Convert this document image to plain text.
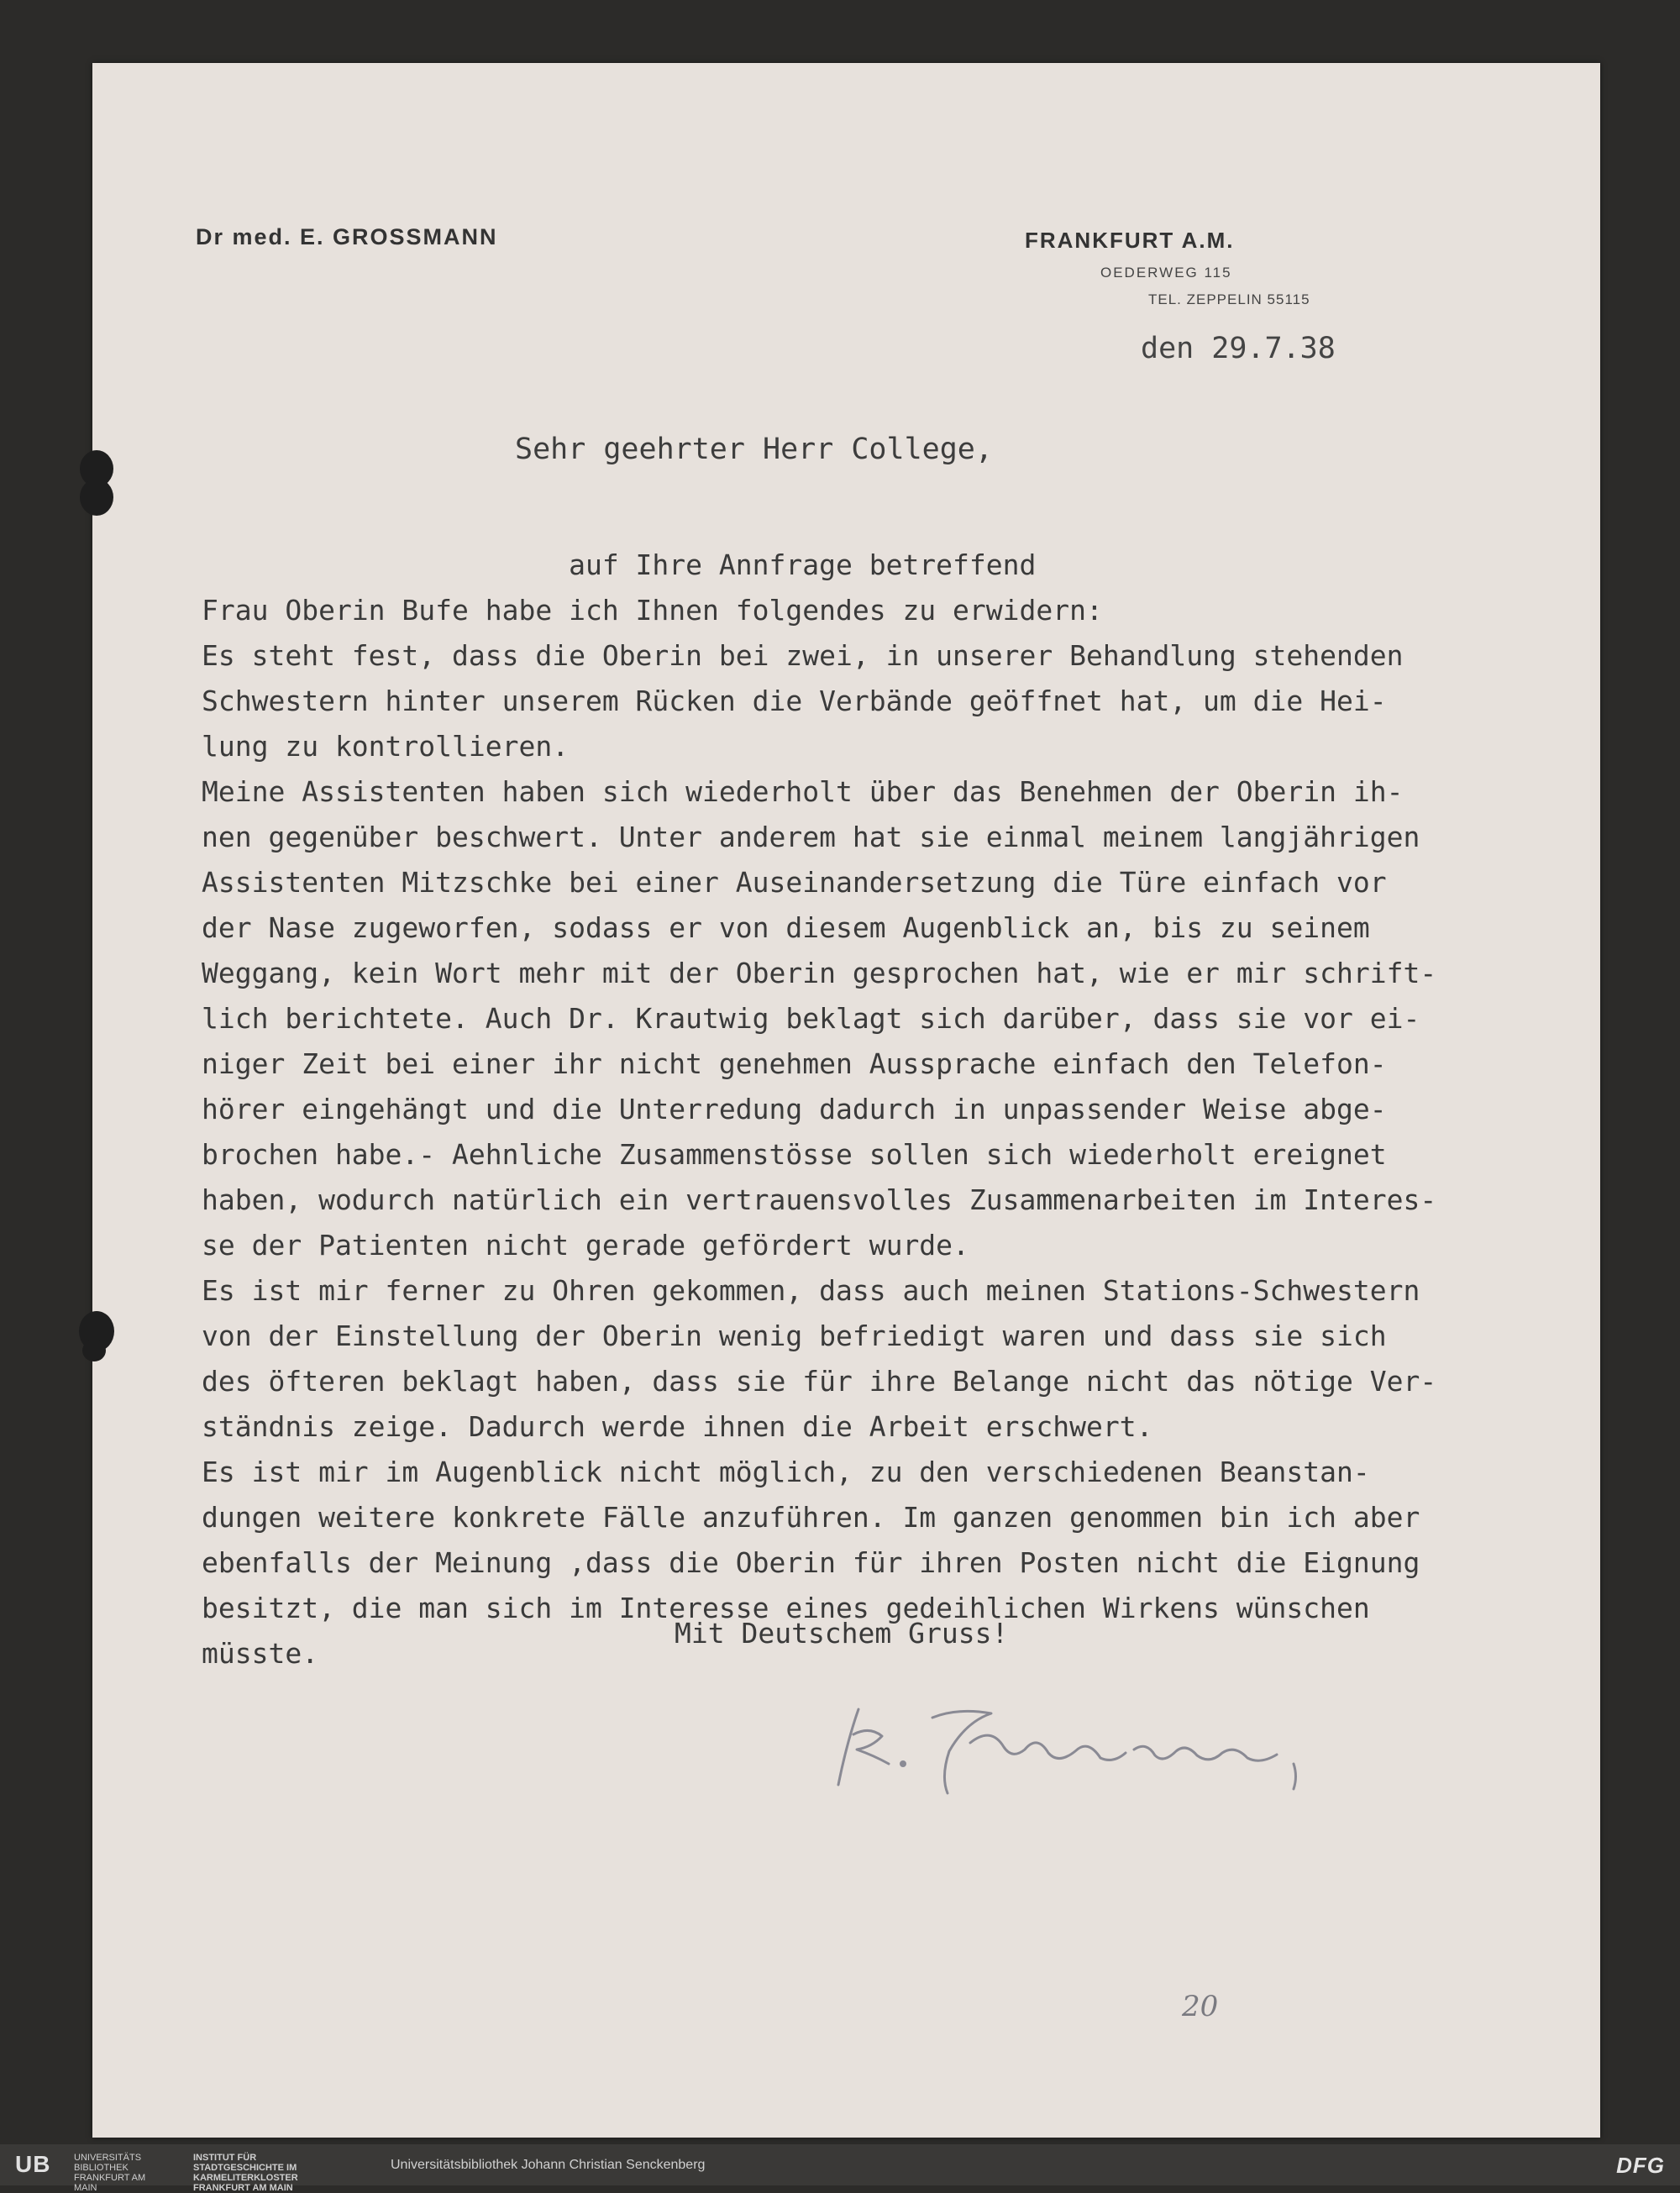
Dr med. E. GROSSMANN	FRANKFURT A.M.
OEDERWEG 115
TEL. ZEPPELIN 55115
den 29.7.38
Sehr geehrter Herr College,
auf Ihre Annfrage betreffend
Frau Oberin Bufe habe ich Ihnen folgendes zu erwidern:
Es steht fest, dass die Oberin bei zwei, in unserer Behandlung stehenden
Schwestern hinter unserem Rücken die Verbände geöffnet hat, um die Hei-
lung zu kontrollieren.
Meine Assistenten haben sich wiederholt über das Benehmen der Oberin ih-
nen gegenüber beschwert. Unter anderem hat sie einmal meinem langjährigen
Assistenten Mitzschke bei einer Auseinandersetzung die Türe einfach vor
der Nase zugeworfen, sodass er von diesem Augenblick an, bis zu seinem
Weggang, kein Wort mehr mit der Oberin gesprochen hat, wie er mir schrift-
lich berichtete. Auch Dr. Krautwig beklagt sich darüber, dass sie vor ei-
niger Zeit bei einer ihr nicht genehmen Aussprache einfach den Telefon-
hörer eingehängt und die Unterredung dadurch in unpassender Weise abge-
brochen habe.- Aehnliche Zusammenstösse sollen sich wiederholt ereignet
haben, wodurch natürlich ein vertrauensvolles Zusammenarbeiten im Interes-
se der Patienten nicht gerade gefördert wurde.
Es ist mir ferner zu Ohren gekommen, dass auch meinen Stations-Schwestern
von der Einstellung der Oberin wenig befriedigt waren und dass sie sich
des öfteren beklagt haben, dass sie für ihre Belange nicht das nötige Ver-
ständnis zeige. Dadurch werde ihnen die Arbeit erschwert.
Es ist mir im Augenblick nicht möglich, zu den verschiedenen Beanstan-
dungen weitere konkrete Fälle anzuführen. Im ganzen genommen bin ich aber
ebenfalls der Meinung ,dass die Oberin für ihren Posten nicht die Eignung
besitzt, die man sich im Interesse eines gedeihlichen Wirkens wünschen
müsste.
Mit Deutschem Gruss!
20
UB	UNIVERSITÄTS BIBLIOTHEK FRANKFURT AM MAIN
INSTITUT FÜR STADTGESCHICHTE IM KARMELITERKLOSTER FRANKFURT AM MAIN
Universitätsbibliothek Johann Christian Senckenberg	DFG
